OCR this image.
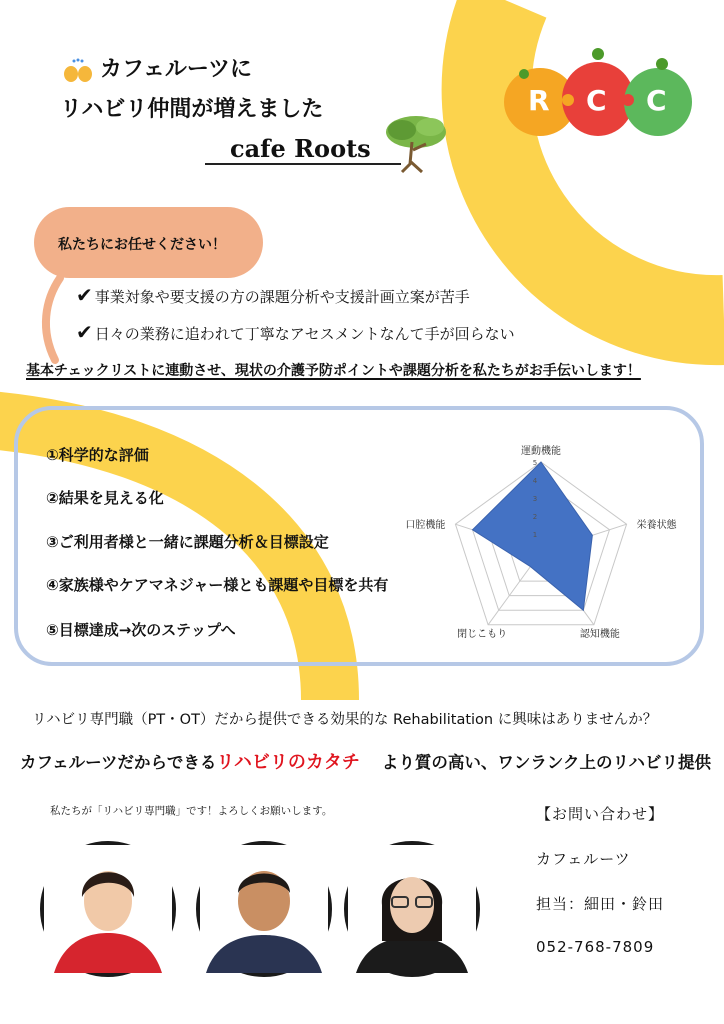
カフェルーツに
リハビリ仲間が増えました
cafe Roots
R C C
私たちにお任せください！
✔ 事業対象や要支援の方の課題分析や支援計画立案が苦手
✔ 日々の業務に追われて丁寧なアセスメントなんて手が回らない
基本チェックリストに連動させ、現状の介護予防ポイントや課題分析を私たちがお手伝いします！
①科学的な評価
②結果を見える化
③ご利用者様と一緒に課題分析＆目標設定
④家族様やケアマネジャー様とも課題や目標を共有
⑤目標達成→次のステップへ
1
2
3
4
5
運動機能
栄養状態
認知機能
閉じこもり
口腔機能
リハビリ専門職（PT・OT）だから提供できる効果的な Rehabilitation に興味はありませんか？
カフェルーツだからできるリハビリのカタチ より質の高い、ワンランク上のリハビリ提供
私たちが「リハビリ専門職」です！よろしくお願いします。	【お問い合わせ】
カフェルーツ
担当：細田・鈴田
052-768-7809
